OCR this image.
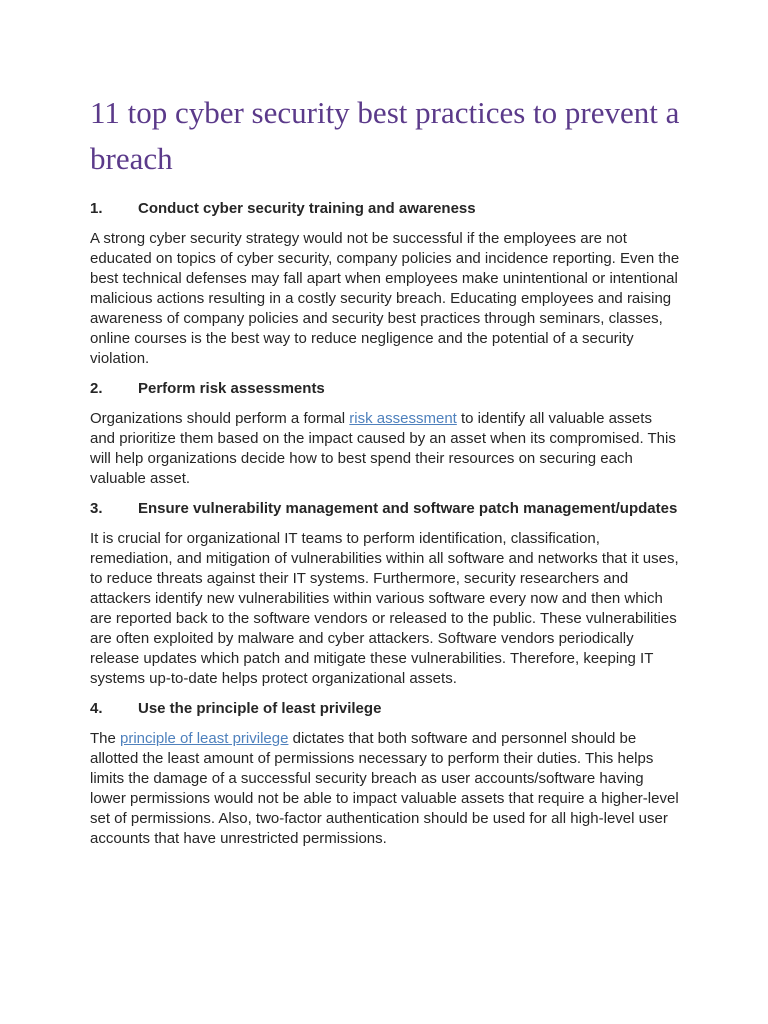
11 top cyber security best practices to prevent a breach
1. Conduct cyber security training and awareness

A strong cyber security strategy would not be successful if the employees are not educated on topics of cyber security, company policies and incidence reporting. Even the best technical defenses may fall apart when employees make unintentional or intentional malicious actions resulting in a costly security breach. Educating employees and raising awareness of company policies and security best practices through seminars, classes, online courses is the best way to reduce negligence and the potential of a security violation.

2. Perform risk assessments

Organizations should perform a formal risk assessment to identify all valuable assets and prioritize them based on the impact caused by an asset when its compromised. This will help organizations decide how to best spend their resources on securing each valuable asset.

3. Ensure vulnerability management and software patch management/updates

It is crucial for organizational IT teams to perform identification, classification, remediation, and mitigation of vulnerabilities within all software and networks that it uses, to reduce threats against their IT systems. Furthermore, security researchers and attackers identify new vulnerabilities within various software every now and then which are reported back to the software vendors or released to the public. These vulnerabilities are often exploited by malware and cyber attackers. Software vendors periodically release updates which patch and mitigate these vulnerabilities. Therefore, keeping IT systems up-to-date helps protect organizational assets.

4. Use the principle of least privilege

The principle of least privilege dictates that both software and personnel should be allotted the least amount of permissions necessary to perform their duties. This helps limits the damage of a successful security breach as user accounts/software having lower permissions would not be able to impact valuable assets that require a higher-level set of permissions. Also, two-factor authentication should be used for all high-level user accounts that have unrestricted permissions.
